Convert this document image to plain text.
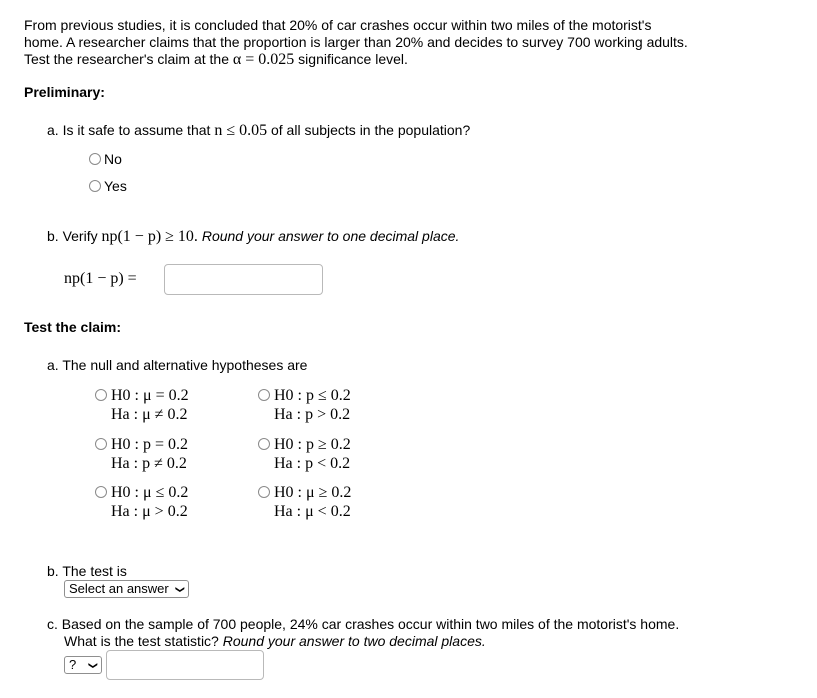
From previous studies, it is concluded that 20% of car crashes occur within two miles of the motorist's
home. A researcher claims that the proportion is larger than 20% and decides to survey 700 working adults.
Test the researcher's claim at the α = 0.025 significance level.
Preliminary:
a. Is it safe to assume that n ≤ 0.05 of all subjects in the population?
No
Yes
b. Verify np(1 − p) ≥ 10. Round your answer to one decimal place.
np(1 − p) =
Test the claim:
a. The null and alternative hypotheses are
H0 : μ = 0.2
Ha : μ ≠ 0.2
H0 : p ≤ 0.2
Ha : p > 0.2
H0 : p = 0.2
Ha : p ≠ 0.2
H0 : p ≥ 0.2
Ha : p < 0.2
H0 : μ ≤ 0.2
Ha : μ > 0.2
H0 : μ ≥ 0.2
Ha : μ < 0.2
b. The test is
Select an answer ❯
c. Based on the sample of 700 people, 24% car crashes occur within two miles of the motorist's home.
What is the test statistic? Round your answer to two decimal places.
?	❯
